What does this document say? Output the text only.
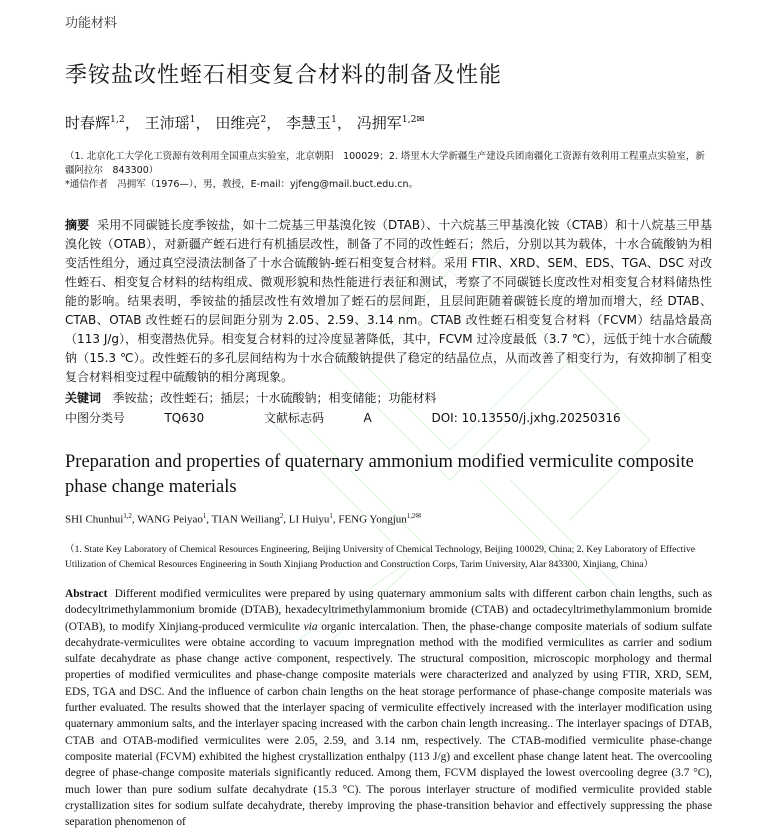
功能材料
季铵盐改性蛭石相变复合材料的制备及性能
时春辉$^{1,2}$， 王沛瑶$^1$， 田维亮$^2$， 李慧玉$^1$， 冯拥军$^{1,2✉}$
（1. 北京化工大学化工资源有效利用全国重点实验室，北京朝阳　100029；2. 塔里木大学新疆生产建设兵团南疆化工资源有效利用工程重点实验室，新疆阿拉尔　843300）
*通信作者　冯拥军（1976—），男，教授，E-mail：yjfeng@mail.buct.edu.cn。
摘要 采用不同碳链长度季铵盐，如十二烷基三甲基溴化铵（DTAB）、十六烷基三甲基溴化铵（CTAB）和十八烷基三甲基溴化铵（OTAB），对新疆产蛭石进行有机插层改性，制备了不同的改性蛭石；然后，分别以其为载体，十水合硫酸钠为相变活性组分，通过真空浸渍法制备了十水合硫酸钠-蛭石相变复合材料。采用 FTIR、XRD、SEM、EDS、TGA、DSC 对改性蛭石、相变复合材料的结构组成、微观形貌和热性能进行表征和测试，考察了不同碳链长度改性对相变复合材料储热性能的影响。结果表明，季铵盐的插层改性有效增加了蛭石的层间距，且层间距随着碳链长度的增加而增大，经 DTAB、CTAB、OTAB 改性蛭石的层间距分别为 2.05、2.59、3.14 nm。CTAB 改性蛭石相变复合材料（FCVM）结晶焓最高（113 J/g），相变潜热优异。相变复合材料的过冷度显著降低，其中，FCVM 过冷度最低（3.7 ℃），远低于纯十水合硫酸钠（15.3 ℃）。改性蛭石的多孔层间结构为十水合硫酸钠提供了稳定的结晶位点，从而改善了相变行为，有效抑制了相变复合材料相变过程中硫酸钠的相分离现象。
关键词 季铵盐；改性蛭石；插层；十水硫酸钠；相变储能；功能材料
中图分类号	TQ630	文献标志码	A	DOI: 10.13550/j.jxhg.20250316
Preparation and properties of quaternary ammonium modified vermiculite composite phase change materials
SHI Chunhui$^{1,2}$, WANG Peiyao$^1$, TIAN Weiliang$^2$, LI Huiyu$^1$, FENG Yongjun$^{1,2✉}$
（1. State Key Laboratory of Chemical Resources Engineering, Beijing University of Chemical Technology, Beijing 100029, China; 2. Key Laboratory of Effective Utilization of Chemical Resources Engineering in South Xinjiang Production and Construction Corps, Tarim University, Alar 843300, Xinjiang, China）
Abstract Different modified vermiculites were prepared by using quaternary ammonium salts with different carbon chain lengths, such as dodecyltrimethylammonium bromide (DTAB), hexadecyltrimethylammonium bromide (CTAB) and octadecyltrimethylammonium bromide (OTAB), to modify Xinjiang-produced vermiculite via organic intercalation. Then, the phase-change composite materials of sodium sulfate decahydrate-vermiculites were obtaine according to vacuum impregnation method with the modified vermiculites as carrier and sodium sulfate decahydrate as phase change active component, respectively. The structural composition, microscopic morphology and thermal properties of modified vermiculites and phase-change composite materials were characterized and analyzed by using FTIR, XRD, SEM, EDS, TGA and DSC. And the influence of carbon chain lengths on the heat storage performance of phase-change composite materials was further evaluated. The results showed that the interlayer spacing of vermiculite effectively increased with the interlayer modification using quaternary ammonium salts, and the interlayer spacing increased with the carbon chain length increasing.. The interlayer spacings of DTAB, CTAB and OTAB-modified vermiculites were 2.05, 2.59, and 3.14 nm, respectively. The CTAB-modified vermiculite phase-change composite material (FCVM) exhibited the highest crystallization enthalpy (113 J/g) and excellent phase change latent heat. The overcooling degree of phase-change composite materials significantly reduced. Among them, FCVM displayed the lowest overcooling degree (3.7 °C), much lower than pure sodium sulfate decahydrate (15.3 °C). The porous interlayer structure of modified vermiculite provided stable crystallization sites for sodium sulfate decahydrate, thereby improving the phase-transition behavior and effectively suppressing the phase separation phenomenon of
